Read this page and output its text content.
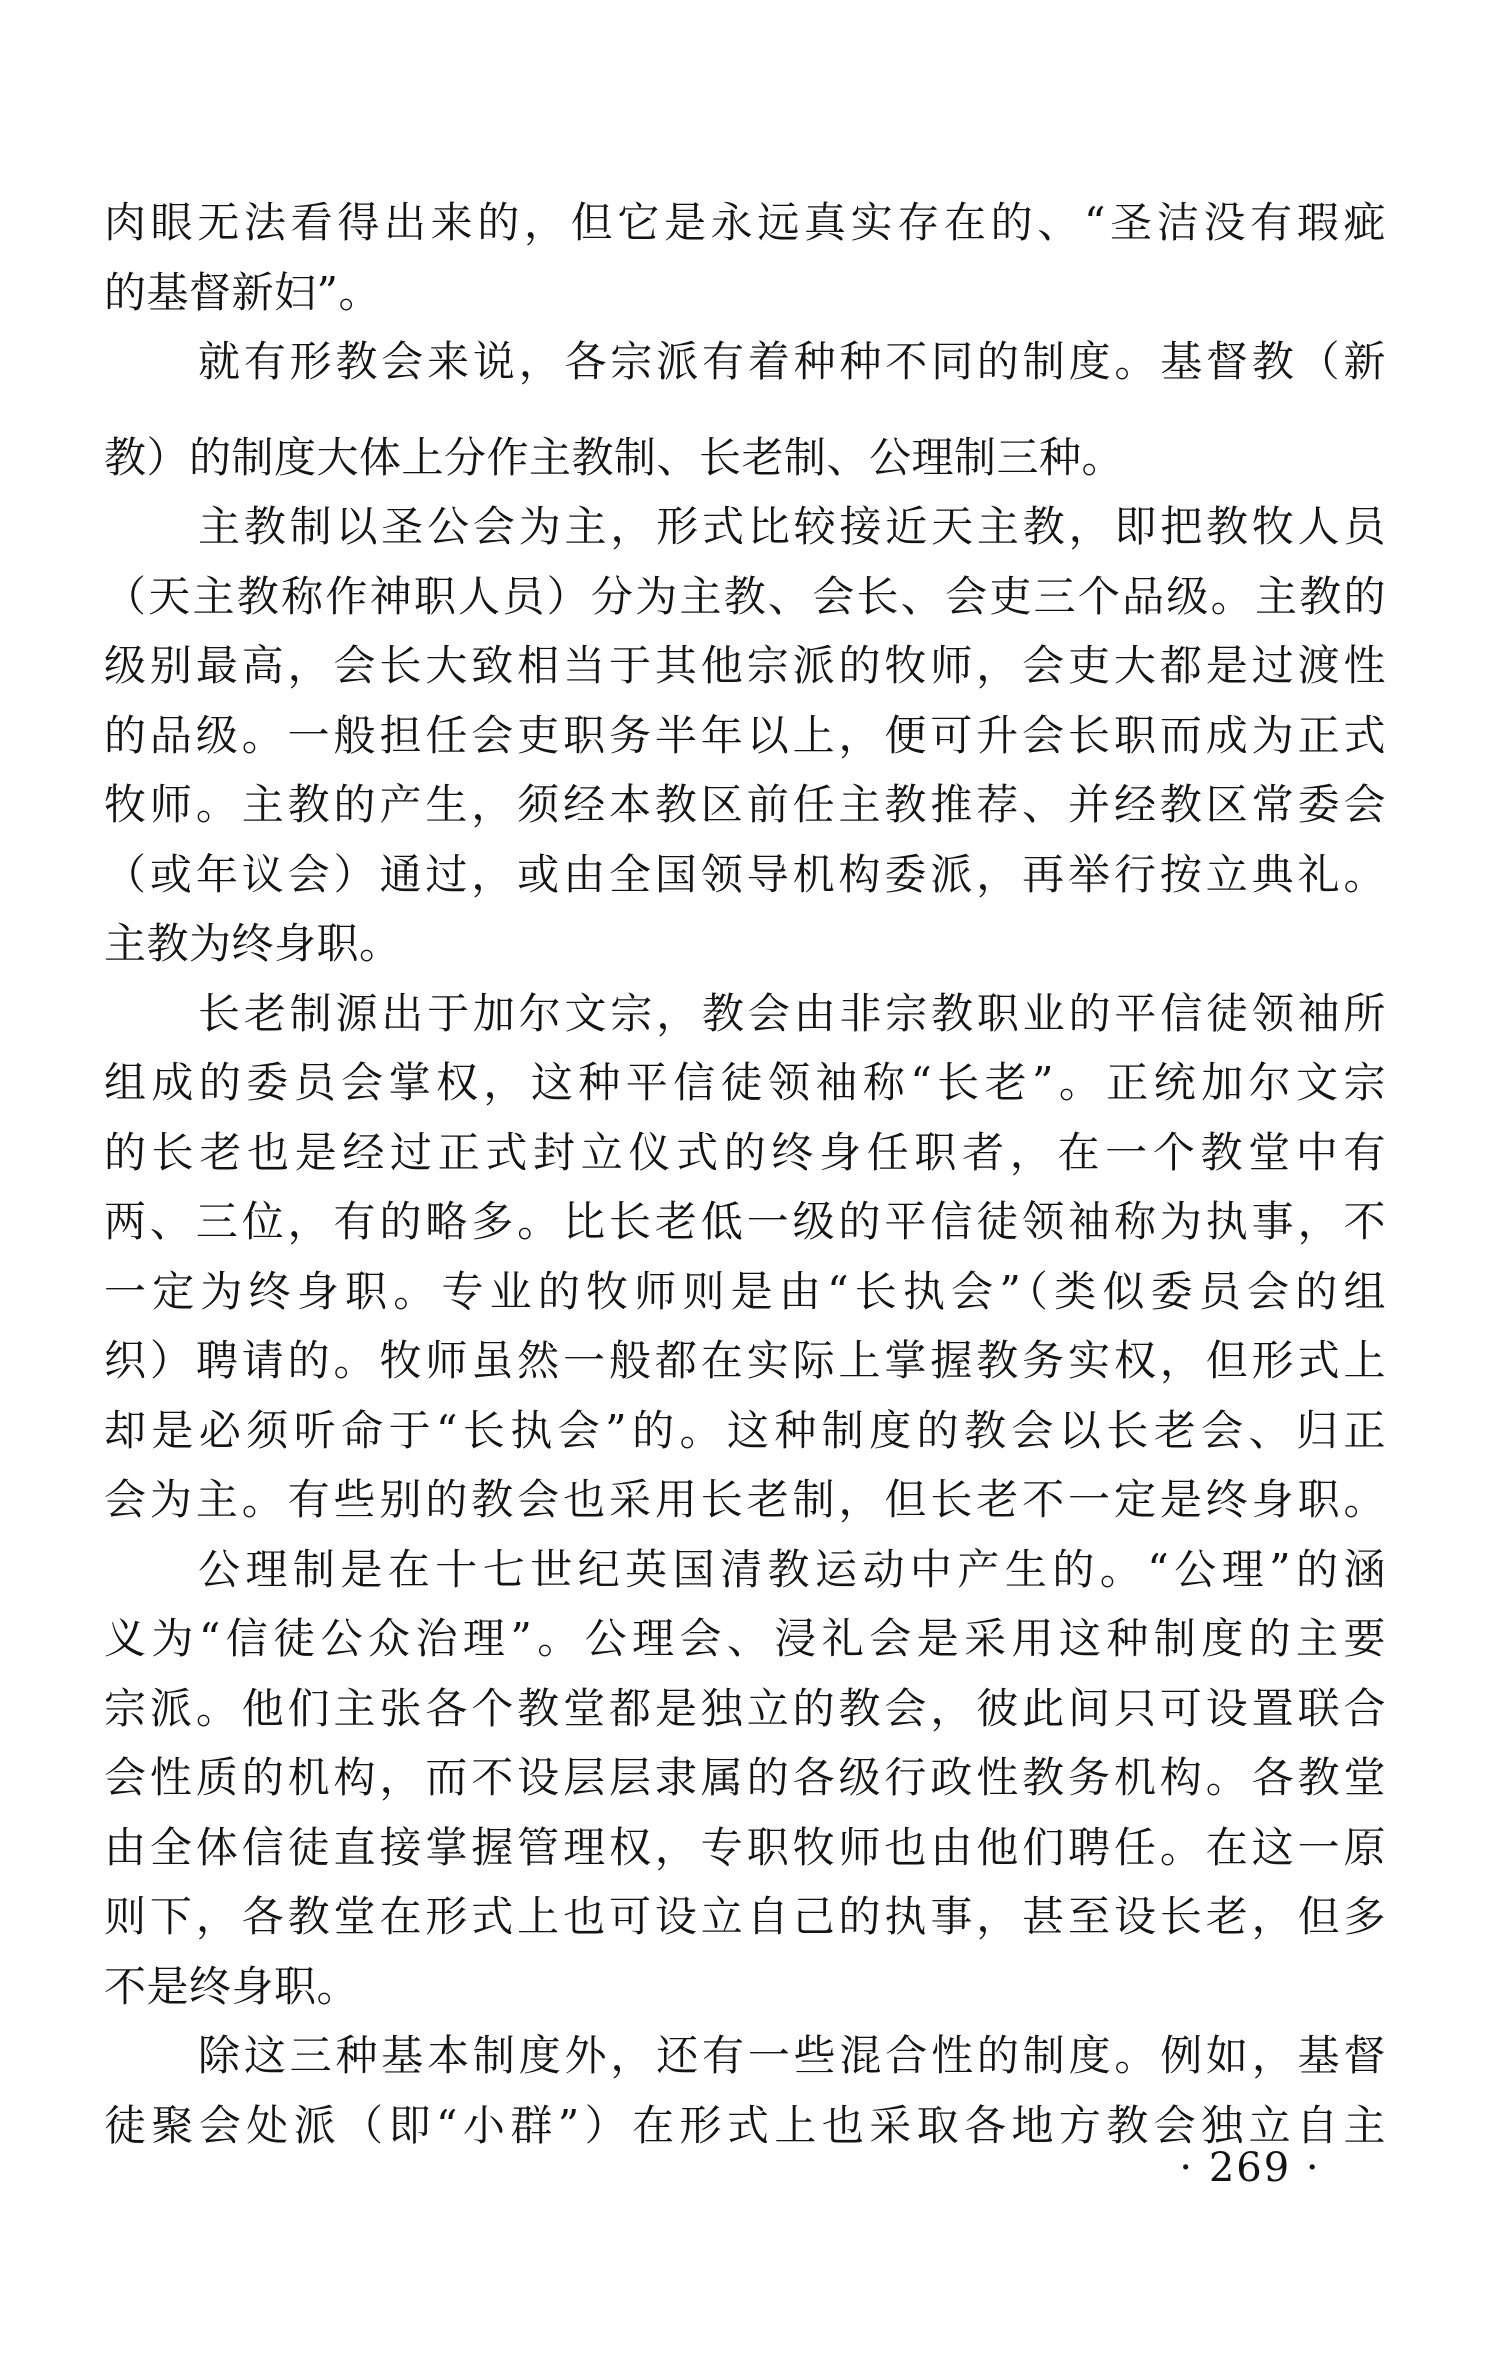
肉眼无法看得出来的，但它是永远真实存在的、“圣洁没有瑕疵
的基督新妇”。
就有形教会来说，各宗派有着种种不同的制度。基督教（新
教）的制度大体上分作主教制、长老制、公理制三种。
主教制以圣公会为主，形式比较接近天主教，即把教牧人员
（天主教称作神职人员）分为主教、会长、会吏三个品级。主教的
级别最高，会长大致相当于其他宗派的牧师，会吏大都是过渡性
的品级。一般担任会吏职务半年以上，便可升会长职而成为正式
牧师。主教的产生，须经本教区前任主教推荐、并经教区常委会
（或年议会）通过，或由全国领导机构委派，再举行按立典礼。
主教为终身职。
长老制源出于加尔文宗，教会由非宗教职业的平信徒领袖所
组成的委员会掌权，这种平信徒领袖称“长老”。正统加尔文宗
的长老也是经过正式封立仪式的终身任职者，在一个教堂中有
两、三位，有的略多。比长老低一级的平信徒领袖称为执事，不
一定为终身职。专业的牧师则是由“长执会”（类似委员会的组
织）聘请的。牧师虽然一般都在实际上掌握教务实权，但形式上
却是必须听命于“长执会”的。这种制度的教会以长老会、归正
会为主。有些别的教会也采用长老制，但长老不一定是终身职。
公理制是在十七世纪英国清教运动中产生的。“公理”的涵
义为“信徒公众治理”。公理会、浸礼会是采用这种制度的主要
宗派。他们主张各个教堂都是独立的教会，彼此间只可设置联合
会性质的机构，而不设层层隶属的各级行政性教务机构。各教堂
由全体信徒直接掌握管理权，专职牧师也由他们聘任。在这一原
则下，各教堂在形式上也可设立自己的执事，甚至设长老，但多
不是终身职。
除这三种基本制度外，还有一些混合性的制度。例如，基督
徒聚会处派（即“小群”）在形式上也采取各地方教会独立自主
· 269 ·
